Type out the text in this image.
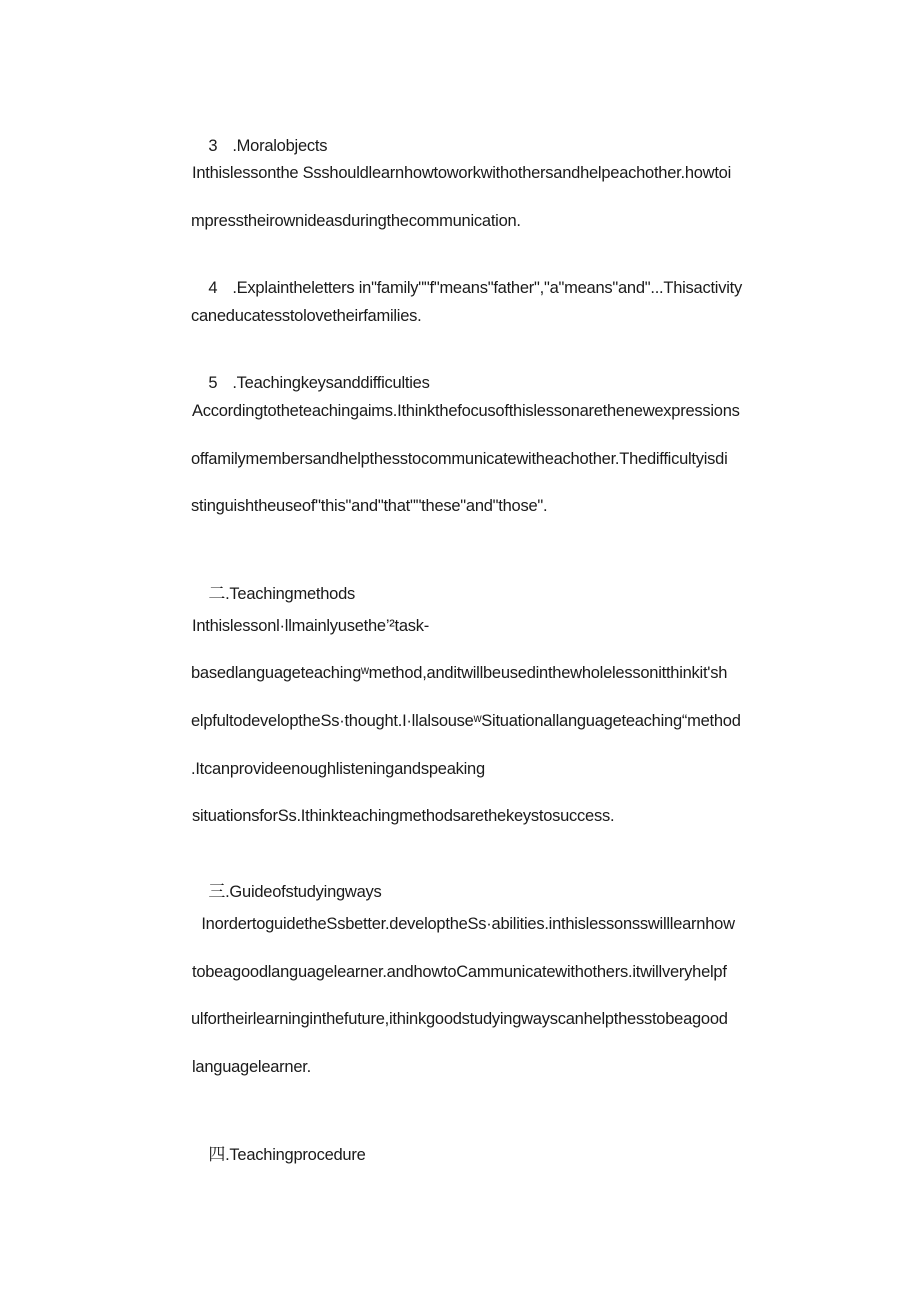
3 .Moralobjects

Inthislessonthe Ssshouldlearnhowtoworkwithothersandhelpeachother.howtoi
mpresstheirownideasduringthecommunication.

4 .Explaintheletters in"family""f"means"father","a"means"and"...Thisactivity

caneducatesstolovetheirfamilies.

5 .Teachingkeysanddifficulties

Accordingtotheteachingaims.Ithinkthefocusofthislessonarethenewexpressions
offamilymembersandhelpthesstocommunicatewitheachother.Thedifficultyisdi
stinguishtheuseof"this"and"that""these"and"those".

二.Teachingmethods

Inthislessonl·llmainlyusethe’²task-
basedlanguageteachingʷmethod,anditwillbeusedinthewholelessonitthinkit'sh
elpfultodeveloptheSs·thought.I·llalsouseʷSituationallanguageteaching“method
.Itcanprovideenoughlisteningandspeaking
situationsforSs.Ithinkteachingmethodsarethekeystosuccess.

三.Guideofstudyingways

InordertoguidetheSsbetter.developtheSs·abilities.inthislessonsswilllearnhow
tobeagoodlanguagelearner.andhowtoCammunicatewithothers.itwillveryhelpf
ulfortheirlearninginthefuture,ithinkgoodstudyingwayscanhelpthesstobeagood
languagelearner.

四.Teachingprocedure
